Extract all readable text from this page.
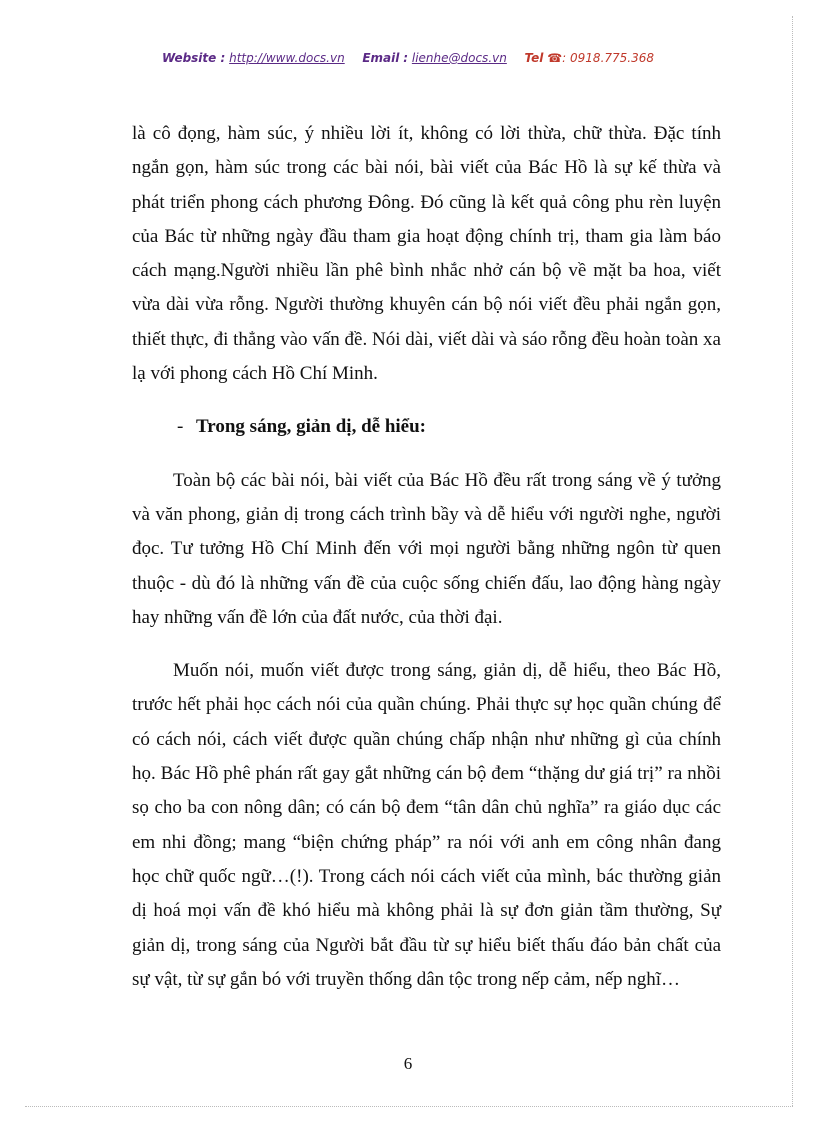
Website : http://www.docs.vn Email : lienhe@docs.vn Tel ☎: 0918.775.368

là cô đọng, hàm súc, ý nhiều lời ít, không có lời thừa, chữ thừa. Đặc tính ngắn gọn, hàm súc trong các bài nói, bài viết của Bác Hồ là sự kế thừa và phát triển phong cách phương Đông. Đó cũng là kết quả công phu rèn luyện của Bác từ những ngày đầu tham gia hoạt động chính trị, tham gia làm báo cách mạng.Người nhiều lần phê bình nhắc nhở cán bộ về mặt ba hoa, viết vừa dài vừa rỗng. Người thường khuyên cán bộ nói viết đều phải ngắn gọn, thiết thực, đi thẳng vào vấn đề. Nói dài, viết dài và sáo rỗng đều hoàn toàn xa lạ với phong cách Hồ Chí Minh.

- Trong sáng, giản dị, dễ hiểu:

Toàn bộ các bài nói, bài viết của Bác Hồ đều rất trong sáng về ý tưởng và văn phong, giản dị trong cách trình bầy và dễ hiểu với người nghe, người đọc. Tư tưởng Hồ Chí Minh đến với mọi người bằng những ngôn từ quen thuộc - dù đó là những vấn đề của cuộc sống chiến đấu, lao động hàng ngày hay những vấn đề lớn của đất nước, của thời đại.

Muốn nói, muốn viết được trong sáng, giản dị, dễ hiểu, theo Bác Hồ, trước hết phải học cách nói của quần chúng. Phải thực sự học quần chúng để có cách nói, cách viết được quần chúng chấp nhận như những gì của chính họ. Bác Hồ phê phán rất gay gắt những cán bộ đem “thặng dư giá trị” ra nhồi sọ cho ba con nông dân; có cán bộ đem “tân dân chủ nghĩa” ra giáo dục các em nhi đồng; mang “biện chứng pháp” ra nói với anh em công nhân đang học chữ quốc ngữ…(!). Trong cách nói cách viết của mình, bác thường giản dị hoá mọi vấn đề khó hiểu mà không phải là sự đơn giản tầm thường, Sự giản dị, trong sáng của Người bắt đầu từ sự hiểu biết thấu đáo bản chất của sự vật, từ sự gắn bó với truyền thống dân tộc trong nếp cảm, nếp nghĩ…

6
